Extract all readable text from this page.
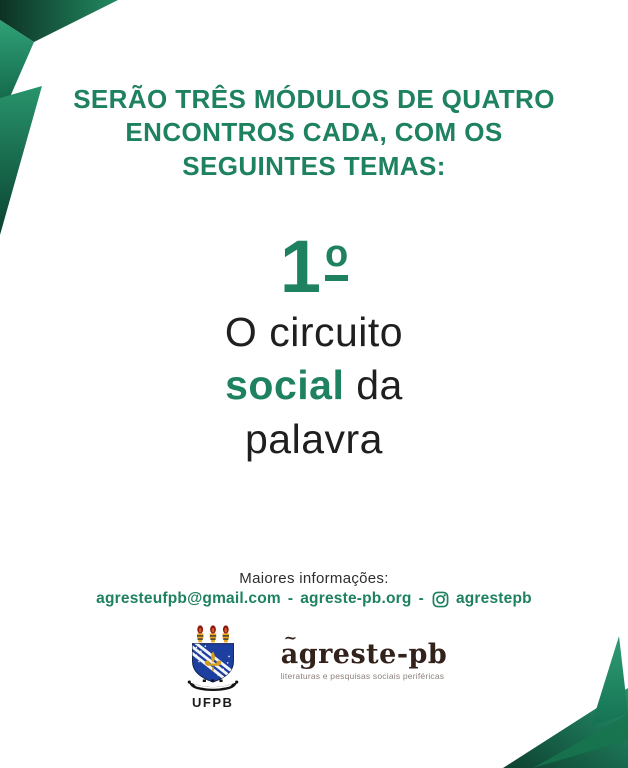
SERÃO TRÊS MÓDULOS DE QUATRO
ENCONTROS CADA, COM OS
SEGUINTES TEMAS:
1 o
O circuito
social da
palavra
Maiores informações:
agresteufpb@gmail.com - agreste-pb.org - agrestepb
UFPB
~ agreste-pb
literaturas e pesquisas sociais periféricas
